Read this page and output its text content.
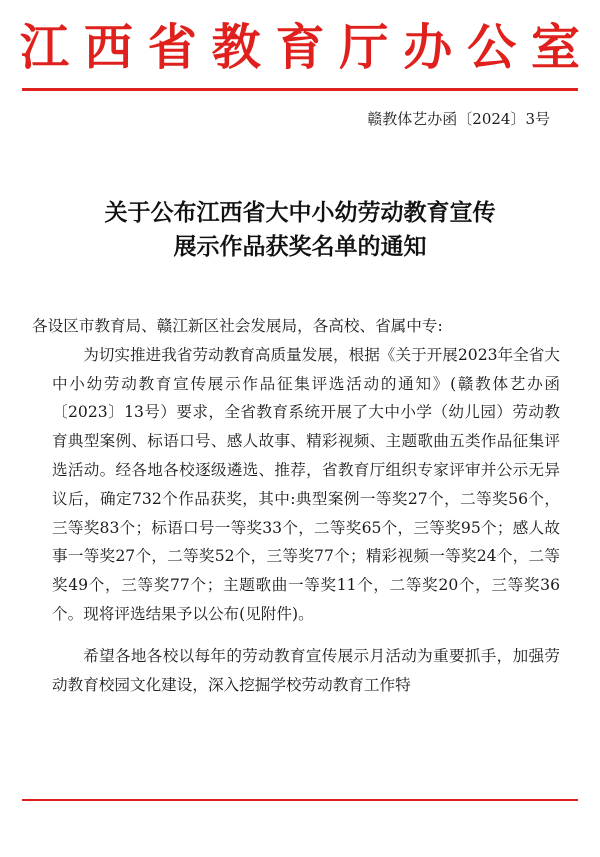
江西省教育厅办公室
赣教体艺办函〔2024〕3号
关于公布江西省大中小幼劳动教育宣传
展示作品获奖名单的通知

各设区市教育局、赣江新区社会发展局，各高校、省属中专:

为切实推进我省劳动教育高质量发展，根据《关于开展2023年全省大中小幼劳动教育宣传展示作品征集评选活动的通知》(赣教体艺办函〔2023〕13号）要求，全省教育系统开展了大中小学（幼儿园）劳动教育典型案例、标语口号、感人故事、精彩视频、主题歌曲五类作品征集评选活动。经各地各校逐级遴选、推荐，省教育厅组织专家评审并公示无异议后，确定732个作品获奖，其中:典型案例一等奖27个，二等奖56个，三等奖83个；标语口号一等奖33个，二等奖65个，三等奖95个；感人故事一等奖27个，二等奖52个，三等奖77个；精彩视频一等奖24个，二等奖49个，三等奖77个；主题歌曲一等奖11个，二等奖20个，三等奖36个。现将评选结果予以公布(见附件)。

希望各地各校以每年的劳动教育宣传展示月活动为重要抓手，加强劳动教育校园文化建设，深入挖掘学校劳动教育工作特
